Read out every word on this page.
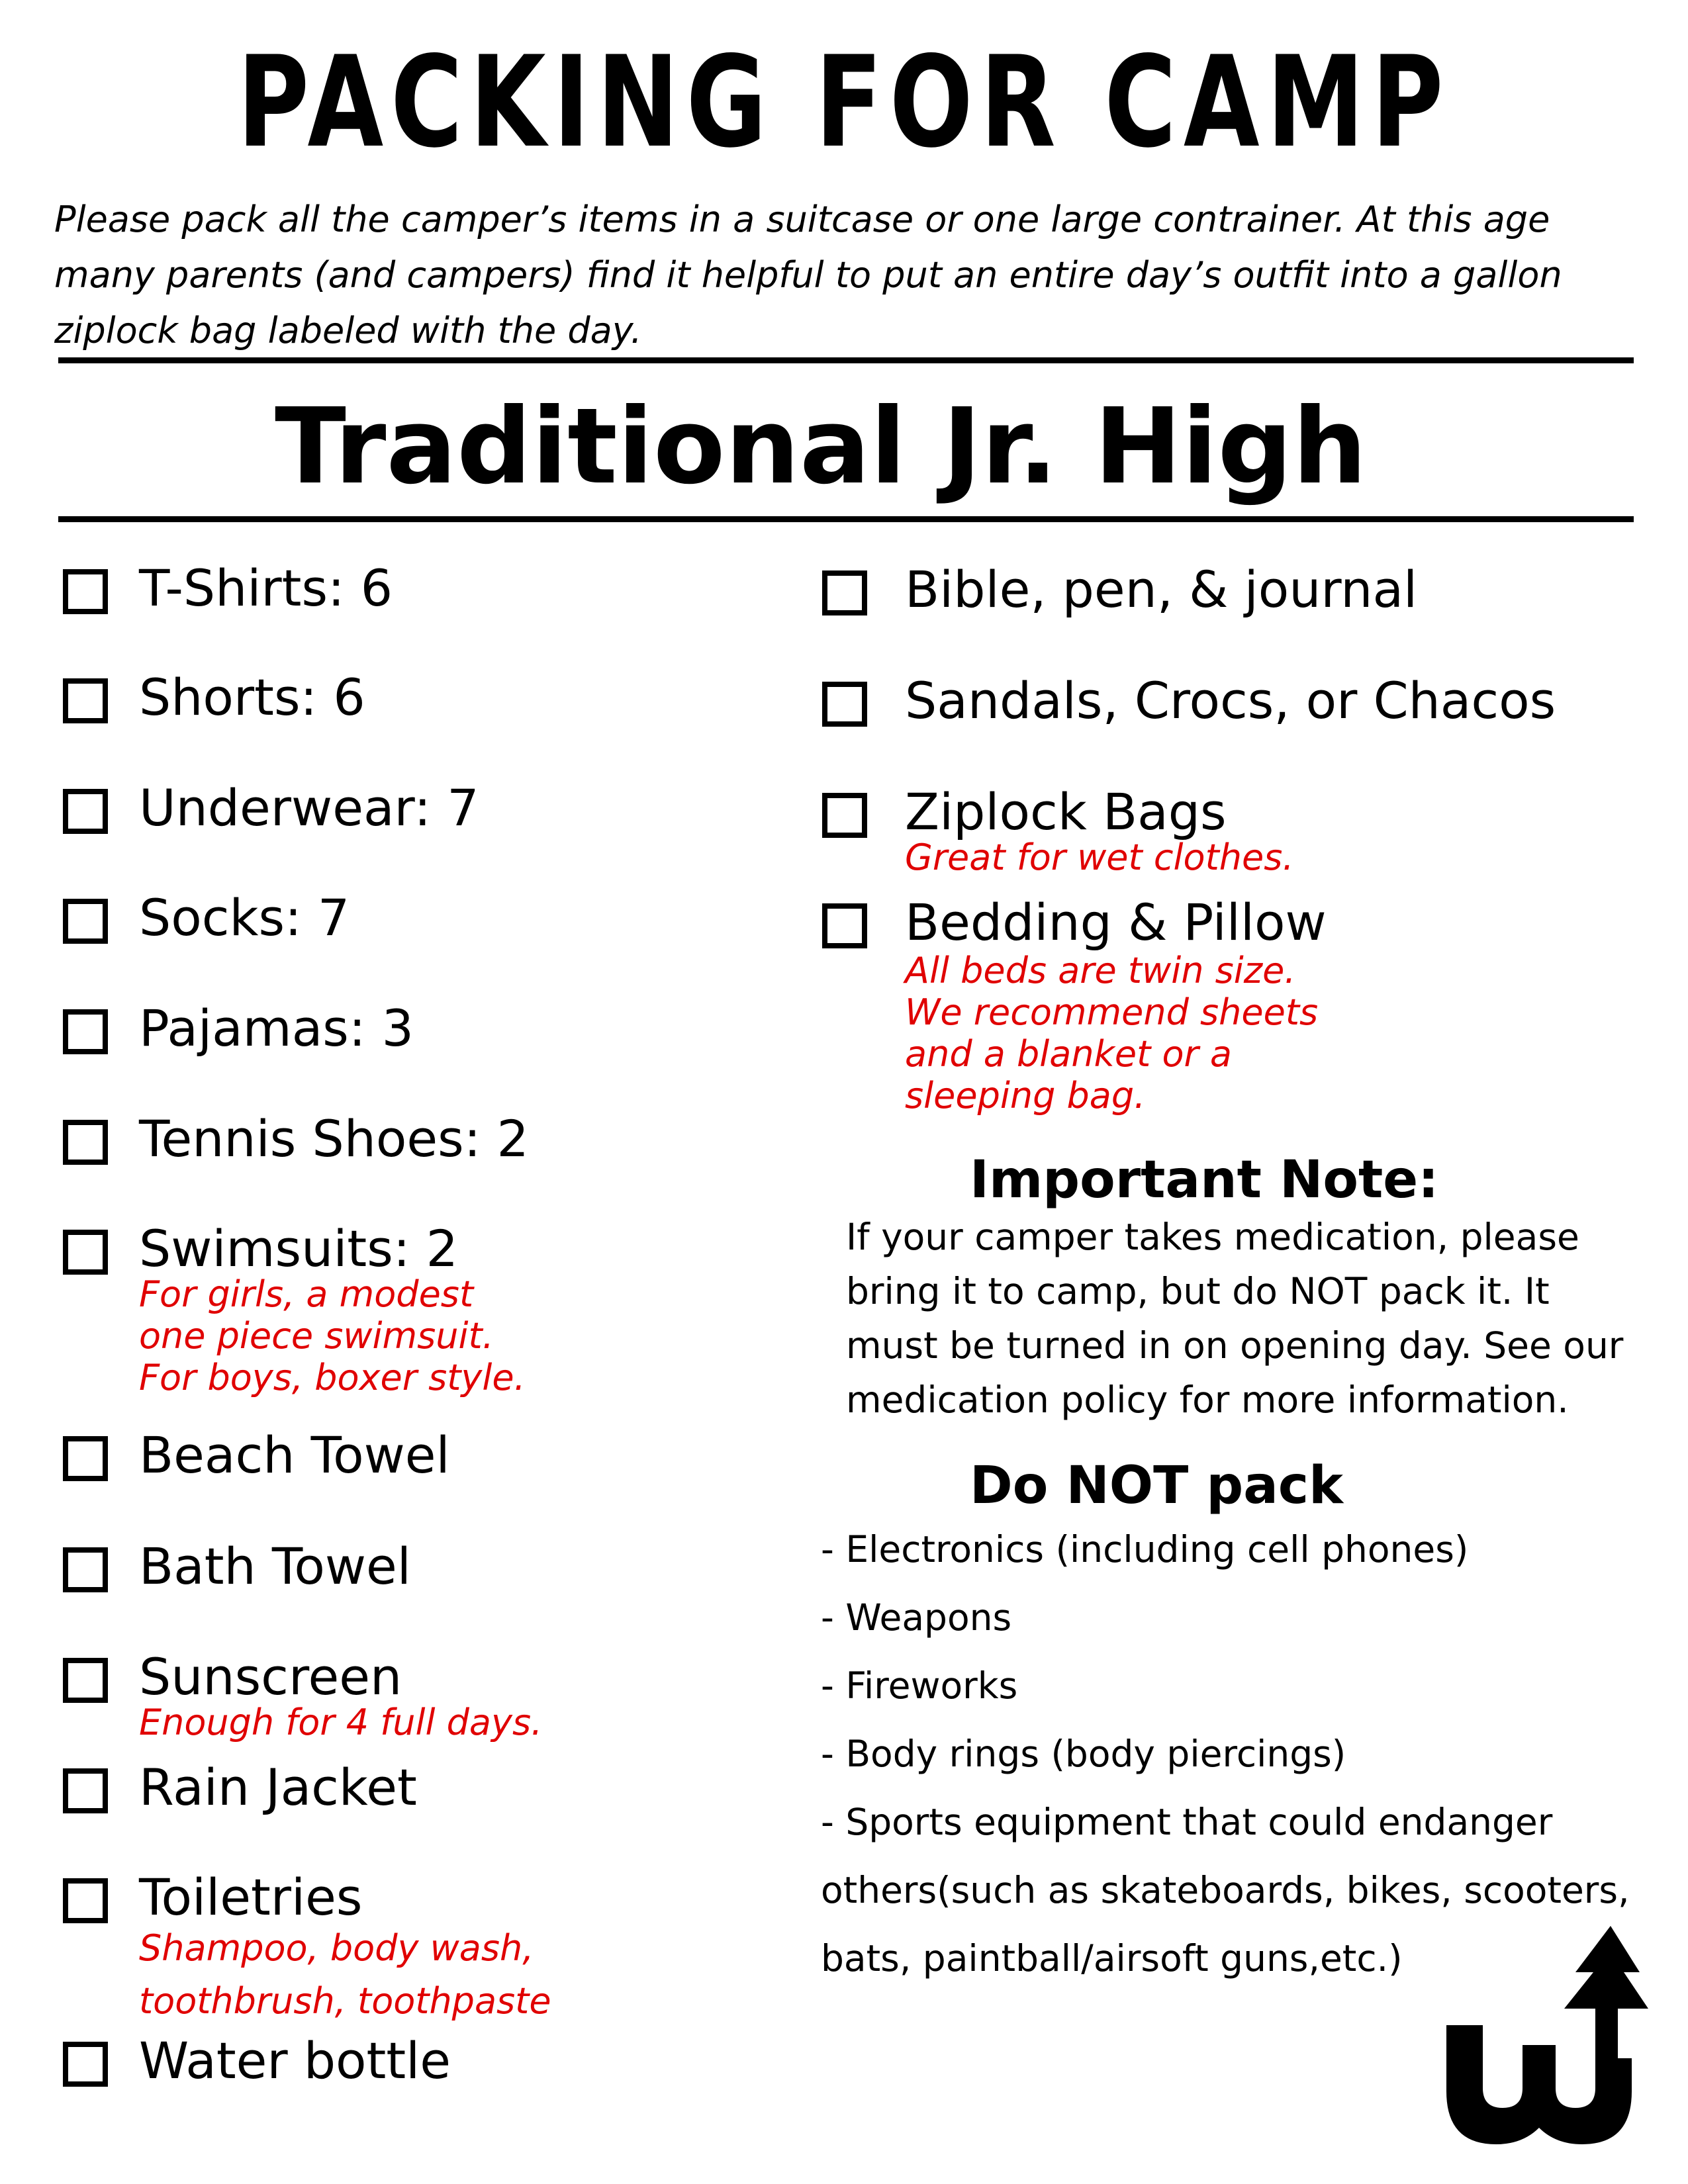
PACKING FOR CAMP
Please pack all the camper’s items in a suitcase or one large contrainer. At this age
many parents (and campers) find it helpful to put an entire day’s outfit into a gallon
ziplock bag labeled with the day.
Traditional Jr. High
T-Shirts: 6
Shorts: 6
Underwear: 7
Socks: 7
Pajamas: 3
Tennis Shoes: 2
Swimsuits: 2
For girls, a modest
one piece swimsuit.
For boys, boxer style.
Beach Towel
Bath Towel
Sunscreen
Enough for 4 full days.
Rain Jacket
Toiletries
Shampoo, body wash,
toothbrush, toothpaste
Water bottle
Bible, pen, & journal
Sandals, Crocs, or Chacos
Ziplock Bags
Great for wet clothes.
Bedding & Pillow
All beds are twin size.
We recommend sheets
and a blanket or a
sleeping bag.
Important Note:
If your camper takes medication, please
bring it to camp, but do NOT pack it. It
must be turned in on opening day. See our
medication policy for more information.
Do NOT pack
- Electronics (including cell phones)
- Weapons
- Fireworks
- Body rings (body piercings)
- Sports equipment that could endanger
others(such as skateboards, bikes, scooters,
bats, paintball/airsoft guns,etc.)
